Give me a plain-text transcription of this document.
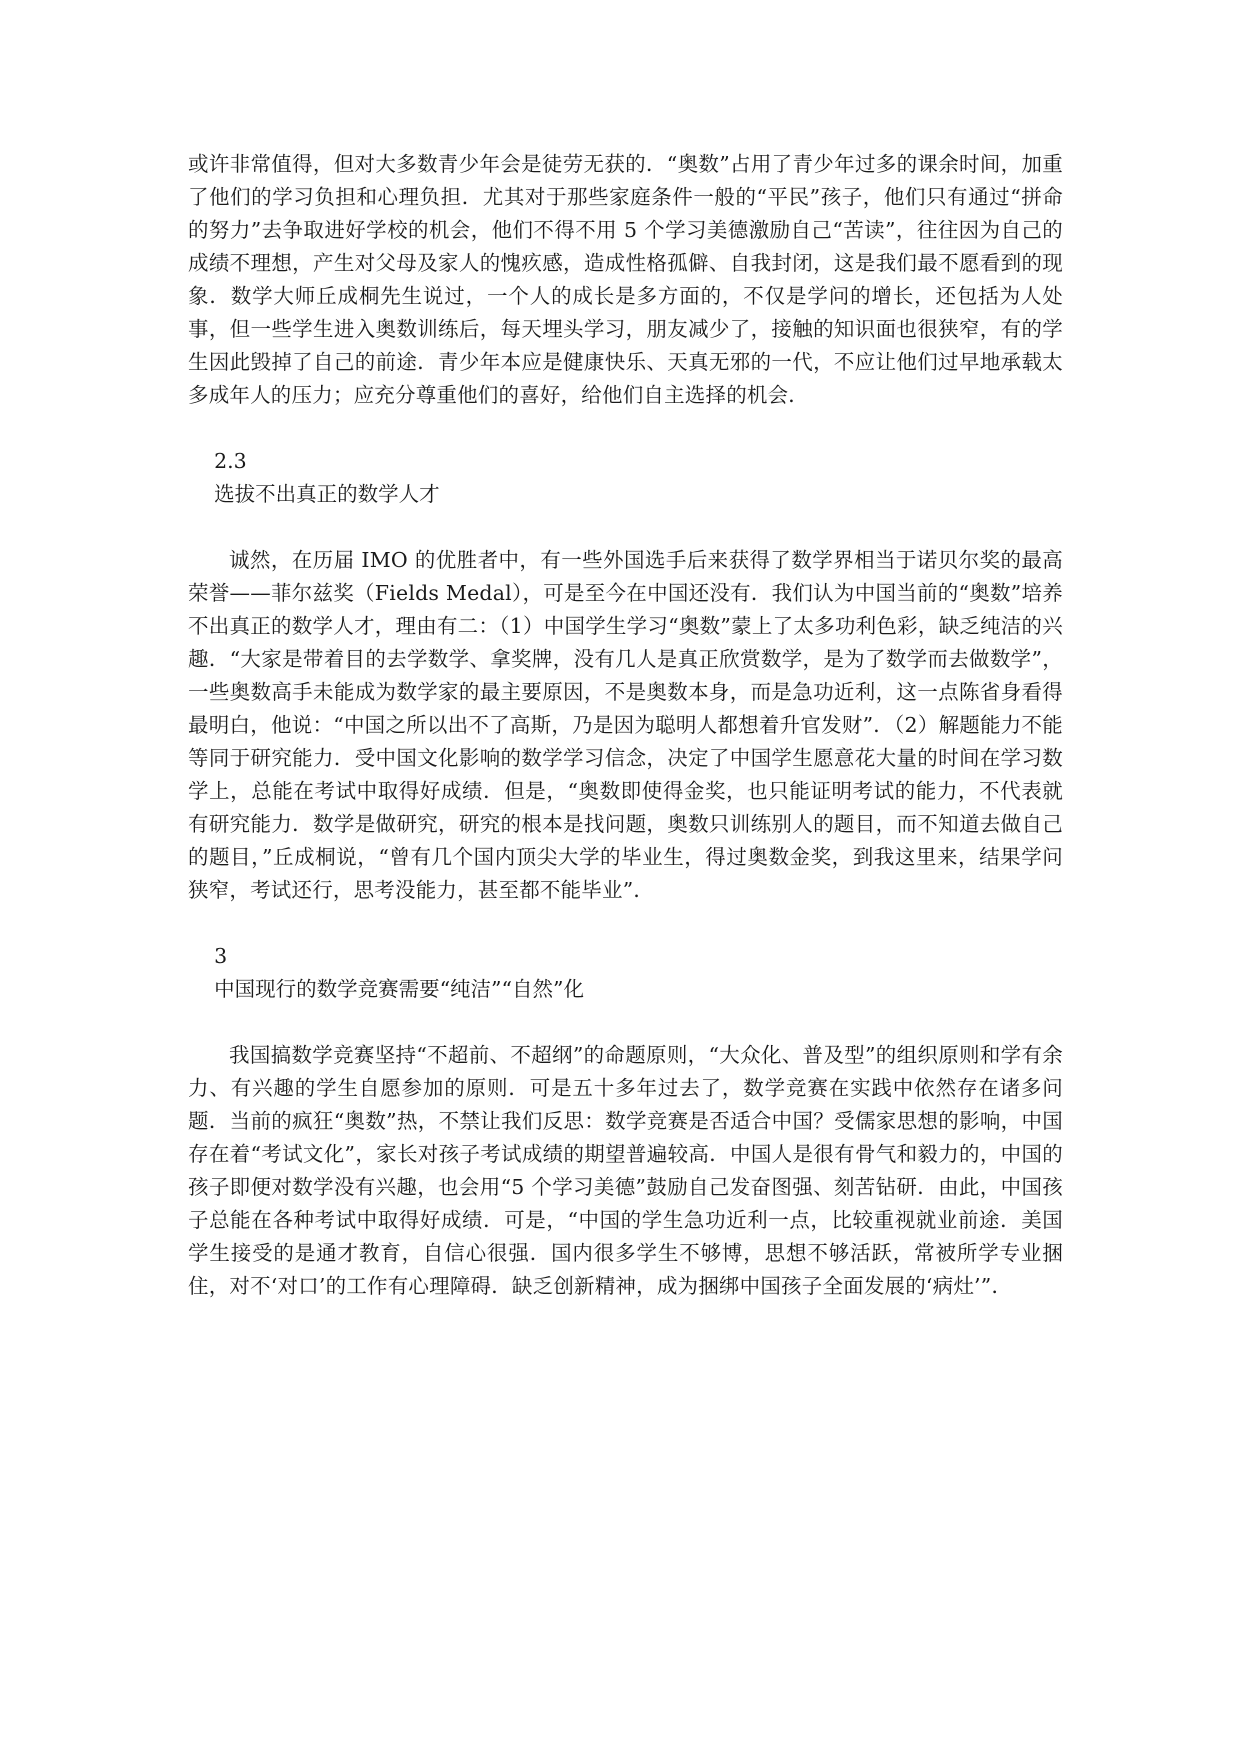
或许非常值得，但对大多数青少年会是徒劳无获的．“奥数”占用了青少年过多的课余时间，加重了他们的学习负担和心理负担．尤其对于那些家庭条件一般的“平民”孩子，他们只有通过“拼命的努力”去争取进好学校的机会，他们不得不用 5 个学习美德激励自己“苦读”，往往因为自己的成绩不理想，产生对父母及家人的愧疚感，造成性格孤僻、自我封闭，这是我们最不愿看到的现象．数学大师丘成桐先生说过，一个人的成长是多方面的，不仅是学问的增长，还包括为人处事，但一些学生进入奥数训练后，每天埋头学习，朋友减少了，接触的知识面也很狭窄，有的学生因此毁掉了自己的前途．青少年本应是健康快乐、天真无邪的一代，不应让他们过早地承载太多成年人的压力；应充分尊重他们的喜好，给他们自主选择的机会．

2.3
选拔不出真正的数学人才

诚然，在历届 IMO 的优胜者中，有一些外国选手后来获得了数学界相当于诺贝尔奖的最高荣誉——菲尔兹奖（Fields Medal），可是至今在中国还没有．我们认为中国当前的“奥数”培养不出真正的数学人才，理由有二：（1）中国学生学习“奥数”蒙上了太多功利色彩，缺乏纯洁的兴趣．“大家是带着目的去学数学、拿奖牌，没有几人是真正欣赏数学，是为了数学而去做数学”，一些奥数高手未能成为数学家的最主要原因，不是奥数本身，而是急功近利，这一点陈省身看得最明白，他说：“中国之所以出不了高斯，乃是因为聪明人都想着升官发财”．（2）解题能力不能等同于研究能力．受中国文化影响的数学学习信念，决定了中国学生愿意花大量的时间在学习数学上，总能在考试中取得好成绩．但是，“奥数即使得金奖，也只能证明考试的能力，不代表就有研究能力．数学是做研究，研究的根本是找问题，奥数只训练别人的题目，而不知道去做自己的题目，”丘成桐说，“曾有几个国内顶尖大学的毕业生，得过奥数金奖，到我这里来，结果学问狭窄，考试还行，思考没能力，甚至都不能毕业”．

3
中国现行的数学竞赛需要“纯洁”“自然”化

我国搞数学竞赛坚持“不超前、不超纲”的命题原则，“大众化、普及型”的组织原则和学有余力、有兴趣的学生自愿参加的原则．可是五十多年过去了，数学竞赛在实践中依然存在诸多问题．当前的疯狂“奥数”热，不禁让我们反思：数学竞赛是否适合中国？受儒家思想的影响，中国存在着“考试文化”，家长对孩子考试成绩的期望普遍较高．中国人是很有骨气和毅力的，中国的孩子即便对数学没有兴趣，也会用“5 个学习美德”鼓励自己发奋图强、刻苦钻研．由此，中国孩子总能在各种考试中取得好成绩．可是，“中国的学生急功近利一点，比较重视就业前途．美国学生接受的是通才教育，自信心很强．国内很多学生不够博，思想不够活跃，常被所学专业捆住，对不‘对口’的工作有心理障碍．缺乏创新精神，成为捆绑中国孩子全面发展的‘病灶’”．
